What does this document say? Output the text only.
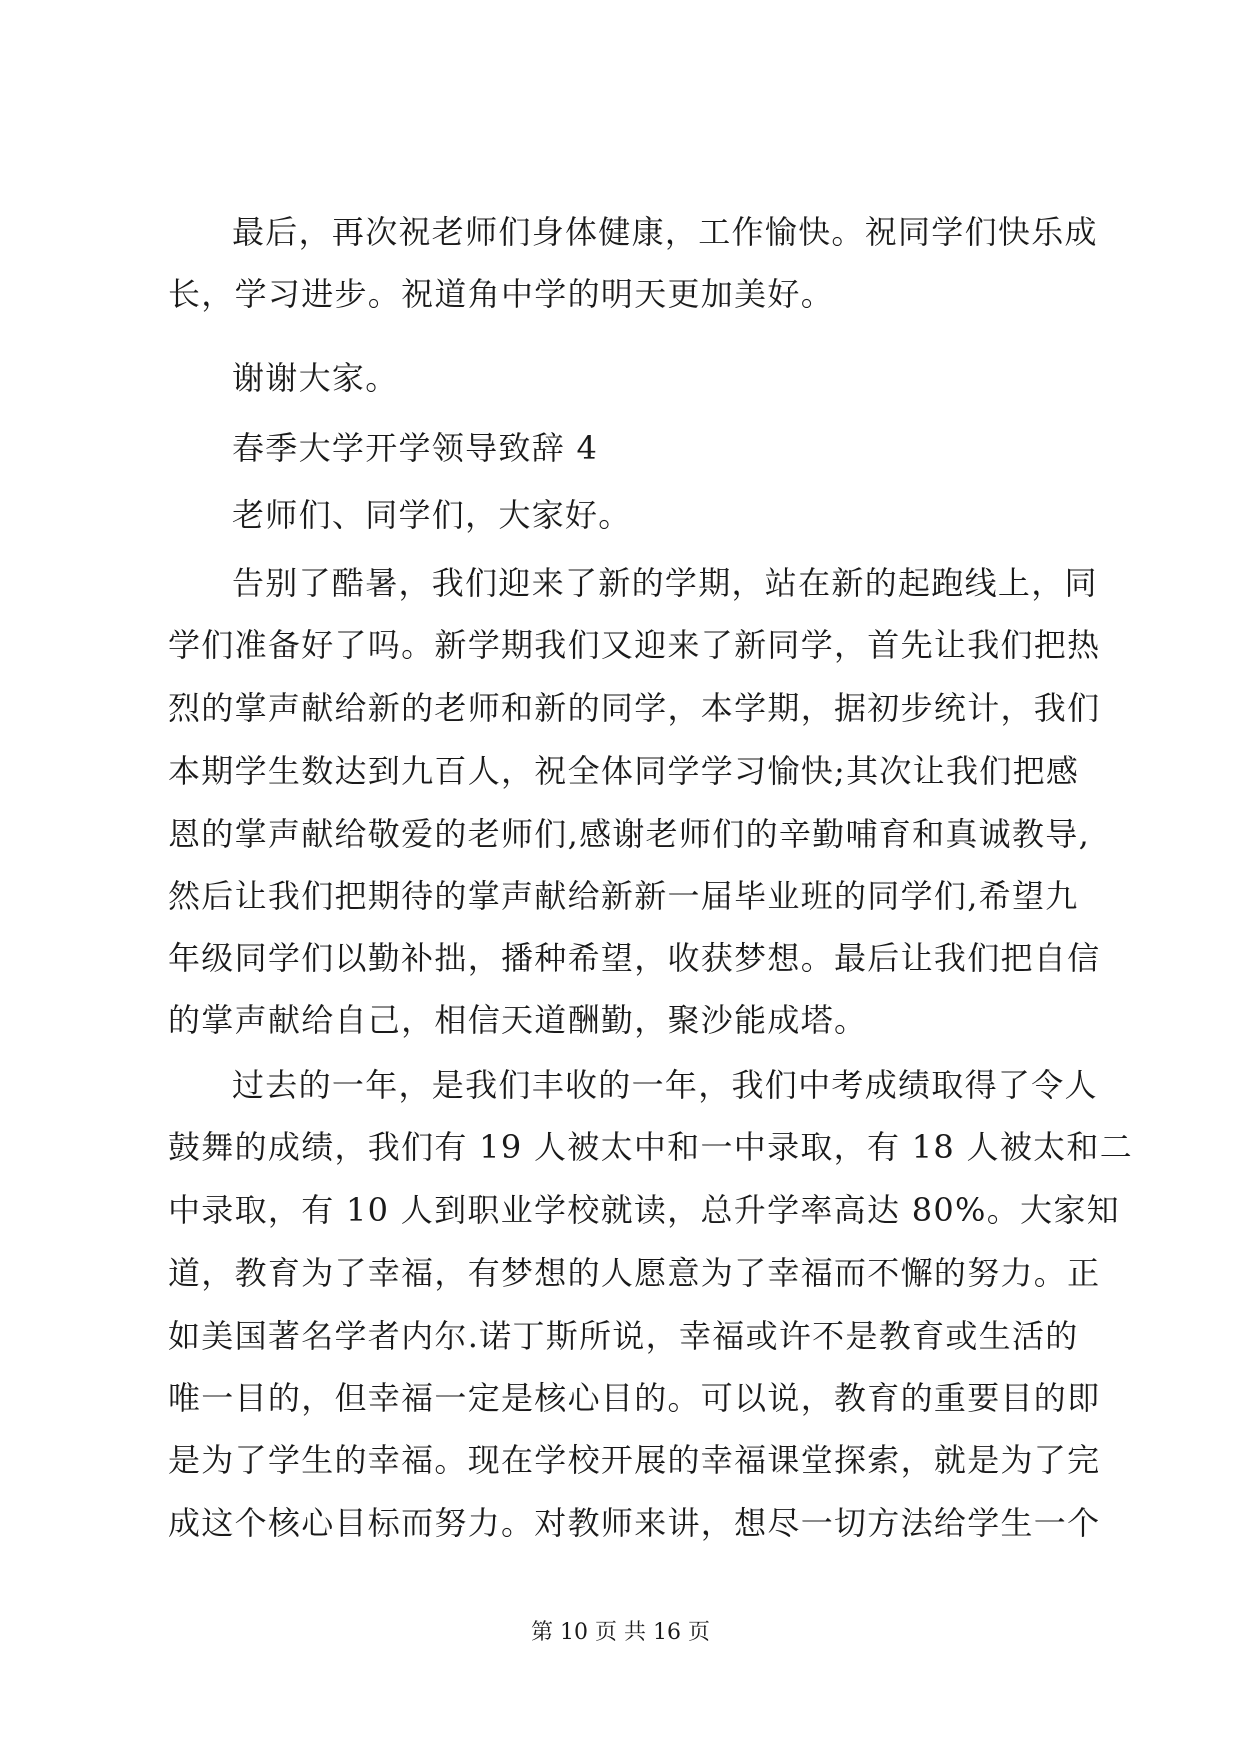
最后，再次祝老师们身体健康，工作愉快。祝同学们快乐成
长，学习进步。祝道角中学的明天更加美好。
谢谢大家。
春季大学开学领导致辞 4
老师们、同学们，大家好。
告别了酷暑，我们迎来了新的学期，站在新的起跑线上，同
学们准备好了吗。新学期我们又迎来了新同学，首先让我们把热
烈的掌声献给新的老师和新的同学，本学期，据初步统计，我们
本期学生数达到九百人，祝全体同学学习愉快;其次让我们把感
恩的掌声献给敬爱的老师们,感谢老师们的辛勤哺育和真诚教导,
然后让我们把期待的掌声献给新新一届毕业班的同学们,希望九
年级同学们以勤补拙，播种希望，收获梦想。最后让我们把自信
的掌声献给自己，相信天道酬勤，聚沙能成塔。
过去的一年，是我们丰收的一年，我们中考成绩取得了令人
鼓舞的成绩，我们有 19 人被太中和一中录取，有 18 人被太和二
中录取，有 10 人到职业学校就读，总升学率高达 80%。大家知
道，教育为了幸福，有梦想的人愿意为了幸福而不懈的努力。正
如美国著名学者内尔.诺丁斯所说，幸福或许不是教育或生活的
唯一目的，但幸福一定是核心目的。可以说，教育的重要目的即
是为了学生的幸福。现在学校开展的幸福课堂探索，就是为了完
成这个核心目标而努力。对教师来讲，想尽一切方法给学生一个
第 10 页 共 16 页
